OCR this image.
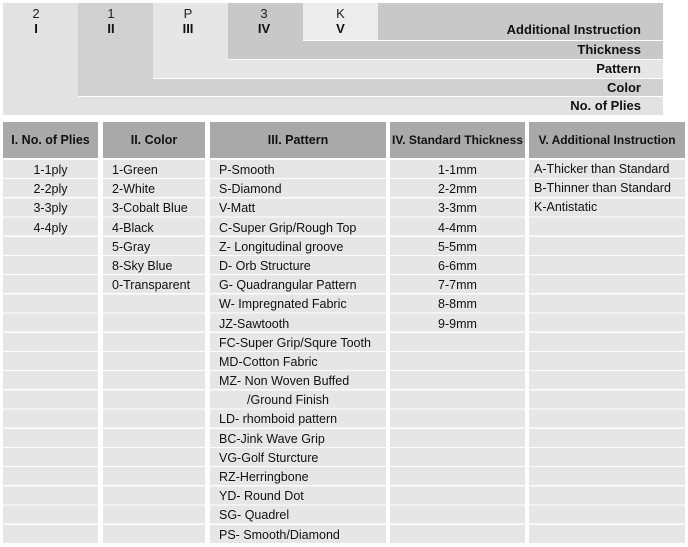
2
I
1
II
P
III
3
IV
K
V	Additional Instruction
Thickness
Pattern
Color
No. of Plies
I. No. of Plies
1-1ply
2-2ply
3-3ply
4-4ply
II. Color
1-Green
2-White
3-Cobalt Blue
4-Black
5-Gray
8-Sky Blue
0-Transparent
III. Pattern
P-Smooth
S-Diamond
V-Matt
C-Super Grip/Rough Top
Z- Longitudinal groove
D- Orb Structure
G- Quadrangular Pattern
W- Impregnated Fabric
JZ-Sawtooth
FC-Super Grip/Squre Tooth
MD-Cotton Fabric
MZ- Non Woven Buffed
/Ground Finish
LD- rhomboid pattern
BC-Jink Wave Grip
VG-Golf Sturcture
RZ-Herringbone
YD- Round Dot
SG- Quadrel
PS- Smooth/Diamond
IV. Standard Thickness
1-1mm
2-2mm
3-3mm
4-4mm
5-5mm
6-6mm
7-7mm
8-8mm
9-9mm
V. Additional Instruction
A-Thicker than Standard
B-Thinner than Standard
K-Antistatic
